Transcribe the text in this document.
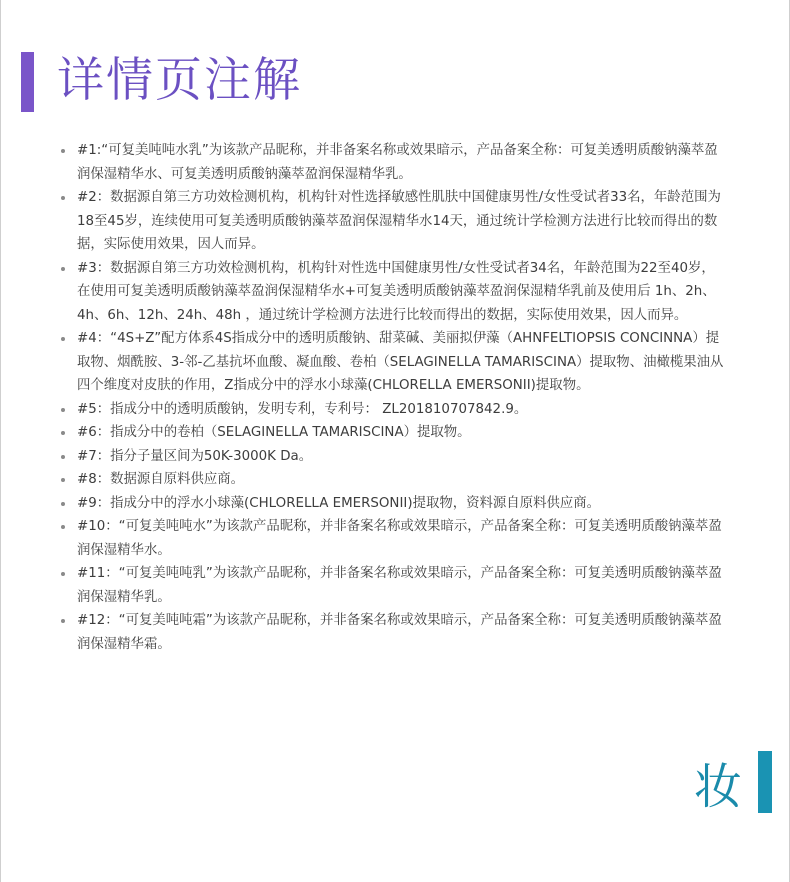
详情页注解
#1:“可复美吨吨水乳”为该款产品昵称，并非备案名称或效果暗示，产品备案全称：可复美透明质酸钠藻萃盈润保湿精华水、可复美透明质酸钠藻萃盈润保湿精华乳。
#2：数据源自第三方功效检测机构，机构针对性选择敏感性肌肤中国健康男性/女性受试者33名，年龄范围为18至45岁，连续使用可复美透明质酸钠藻萃盈润保湿精华水14天，通过统计学检测方法进行比较而得出的数据，实际使用效果，因人而异。
#3：数据源自第三方功效检测机构，机构针对性选中国健康男性/女性受试者34名，年龄范围为22至40岁，在使用可复美透明质酸钠藻萃盈润保湿精华水+可复美透明质酸钠藻萃盈润保湿精华乳前及使用后 1h、2h、4h、6h、12h、24h、48h ，通过统计学检测方法进行比较而得出的数据，实际使用效果，因人而异。
#4：“4S+Z”配方体系4S指成分中的透明质酸钠、甜菜碱、美丽拟伊藻（AHNFELTIOPSIS CONCINNA）提取物、烟酰胺、3-邻-乙基抗坏血酸、凝血酸、卷柏（SELAGINELLA TAMARISCINA）提取物、油橄榄果油从四个维度对皮肤的作用，Z指成分中的浮水小球藻(CHLORELLA EMERSONII)提取物。
#5：指成分中的透明质酸钠，发明专利，专利号： ZL201810707842.9。
#6：指成分中的卷柏（SELAGINELLA TAMARISCINA）提取物。
#7：指分子量区间为50K-3000K Da。
#8：数据源自原料供应商。
#9：指成分中的浮水小球藻(CHLORELLA EMERSONII)提取物，资料源自原料供应商。
#10：“可复美吨吨水”为该款产品昵称，并非备案名称或效果暗示，产品备案全称：可复美透明质酸钠藻萃盈润保湿精华水。
#11：“可复美吨吨乳”为该款产品昵称，并非备案名称或效果暗示，产品备案全称：可复美透明质酸钠藻萃盈润保湿精华乳。
#12：“可复美吨吨霜”为该款产品昵称，并非备案名称或效果暗示，产品备案全称：可复美透明质酸钠藻萃盈润保湿精华霜。
妆
